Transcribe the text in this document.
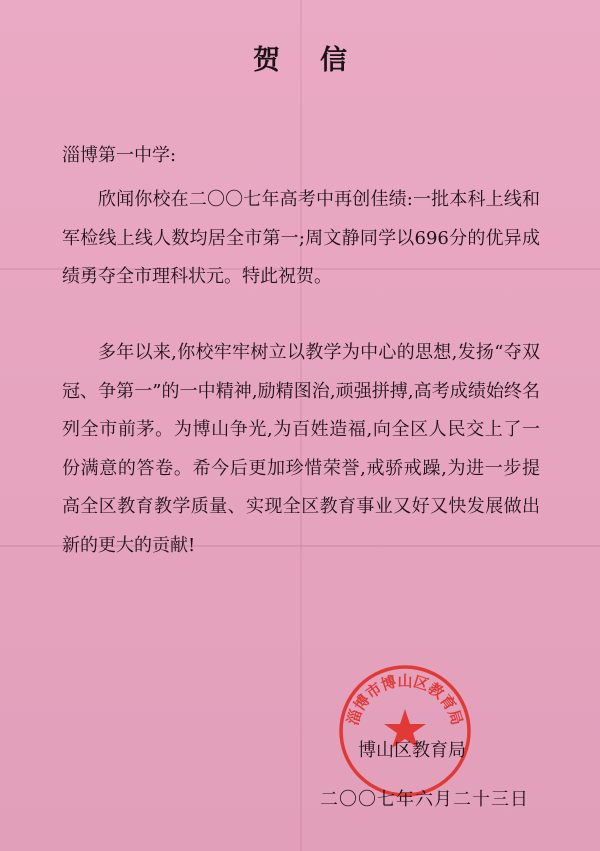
贺信
淄博第一中学:
欣闻你校在二〇〇七年高考中再创佳绩:一批本科上线和军检线上线人数均居全市第一;周文静同学以696分的优异成绩勇夺全市理科状元。特此祝贺。
多年以来,你校牢牢树立以教学为中心的思想,发扬“夺双冠、争第一”的一中精神,励精图治,顽强拼搏,高考成绩始终名列全市前茅。为博山争光,为百姓造福,向全区人民交上了一份满意的答卷。希今后更加珍惜荣誉,戒骄戒躁,为进一步提高全区教育教学质量、实现全区教育事业又好又快发展做出新的更大的贡献!
淄博市博山区教育局
博山区教育局
二〇〇七年六月二十三日
